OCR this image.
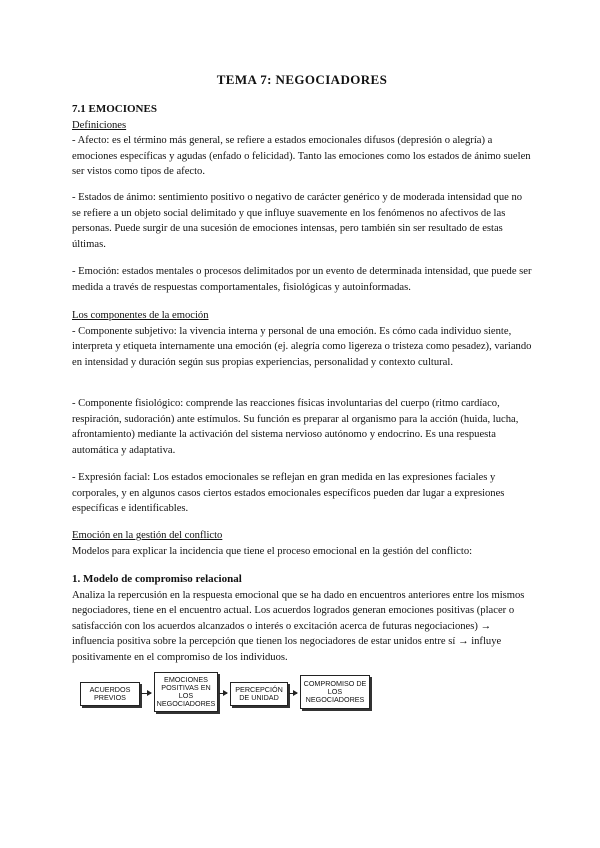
TEMA 7: NEGOCIADORES

7.1 EMOCIONES

Definiciones

- Afecto: es el término más general, se refiere a estados emocionales difusos (depresión o alegría) a emociones específicas y agudas (enfado o felicidad). Tanto las emociones como los estados de ánimo suelen ser vistos como tipos de afecto.

- Estados de ánimo: sentimiento positivo o negativo de carácter genérico y de moderada intensidad que no se refiere a un objeto social delimitado y que influye suavemente en los fenómenos no afectivos de las personas. Puede surgir de una sucesión de emociones intensas, pero también sin ser resultado de estas últimas.

- Emoción: estados mentales o procesos delimitados por un evento de determinada intensidad, que puede ser medida a través de respuestas comportamentales, fisiológicas y autoinformadas.

Los componentes de la emoción

- Componente subjetivo: la vivencia interna y personal de una emoción. Es cómo cada individuo siente, interpreta y etiqueta internamente una emoción (ej. alegría como ligereza o tristeza como pesadez), variando en intensidad y duración según sus propias experiencias, personalidad y contexto cultural.

- Componente fisiológico: comprende las reacciones físicas involuntarias del cuerpo (ritmo cardíaco, respiración, sudoración) ante estímulos. Su función es preparar al organismo para la acción (huida, lucha, afrontamiento) mediante la activación del sistema nervioso autónomo y endocrino. Es una respuesta automática y adaptativa.

- Expresión facial: Los estados emocionales se reflejan en gran medida en las expresiones faciales y corporales, y en algunos casos ciertos estados emocionales específicos pueden dar lugar a expresiones específicas e identificables.

Emoción en la gestión del conflicto

Modelos para explicar la incidencia que tiene el proceso emocional en la gestión del conflicto:

1. Modelo de compromiso relacional

Analiza la repercusión en la respuesta emocional que se ha dado en encuentros anteriores entre los mismos negociadores, tiene en el encuentro actual. Los acuerdos logrados generan emociones positivas (placer o satisfacción con los acuerdos alcanzados o interés o excitación acerca de futuras negociaciones) → influencia positiva sobre la percepción que tienen los negociadores de estar unidos entre sí → influye positivamente en el compromiso de los individuos.

ACUERDOS PREVIOS
EMOCIONES POSITIVAS EN LOS NEGOCIADORES
PERCEPCIÓN DE UNIDAD
COMPROMISO DE LOS NEGOCIADORES
